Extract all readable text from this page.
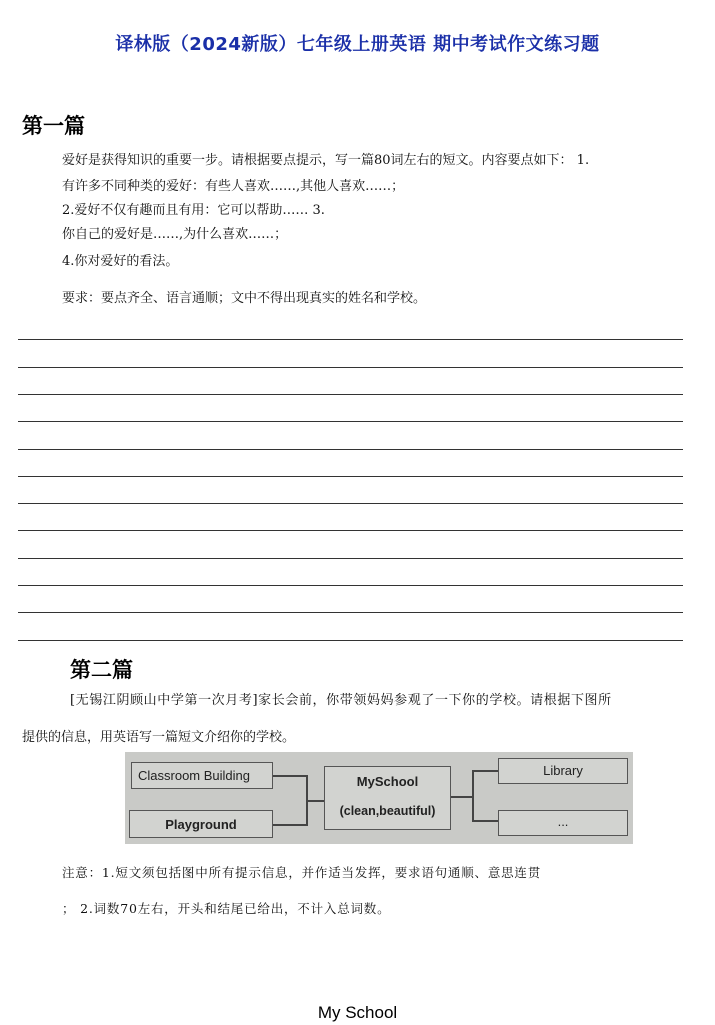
译林版（2024新版）七年级上册英语 期中考试作文练习题
第一篇
爱好是获得知识的重要一步。请根据要点提示，写一篇80词左右的短文。内容要点如下： 1.
有许多不同种类的爱好：有些人喜欢……,其他人喜欢……；
2.爱好不仅有趣而且有用：它可以帮助…… 3.
你自己的爱好是……,为什么喜欢……；
4.你对爱好的看法。
要求：要点齐全、语言通顺；文中不得出现真实的姓名和学校。
第二篇
[无锡江阴顾山中学第一次月考]家长会前，你带领妈妈参观了一下你的学校。请根据下图所
提供的信息，用英语写一篇短文介绍你的学校。
Classroom Building
Playground
MySchool
(clean,beautiful)
Library
...
注意：1.短文须包括图中所有提示信息，并作适当发挥，要求语句通顺、意思连贯
； 2.词数70左右，开头和结尾已给出，不计入总词数。
My School
